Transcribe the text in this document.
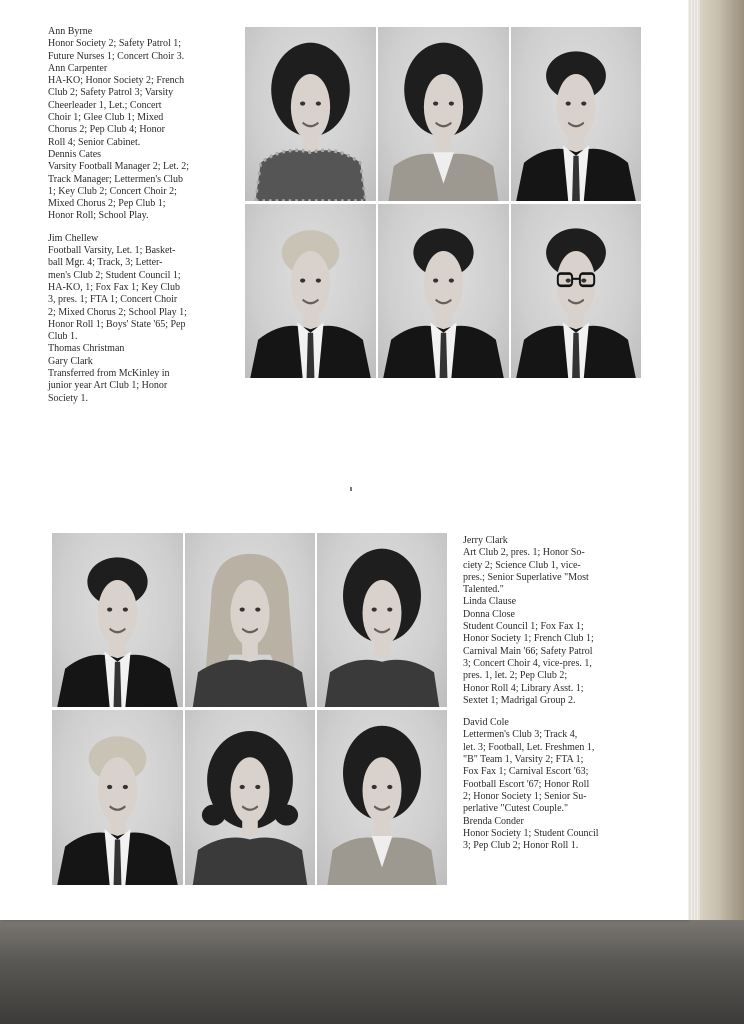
Ann Byrne
Honor Society 2; Safety Patrol 1;
Future Nurses 1; Concert Choir 3.
Ann Carpenter
HA-KO; Honor Society 2; French
Club 2; Safety Patrol 3; Varsity
Cheerleader 1, Let.; Concert
Choir 1; Glee Club 1; Mixed
Chorus 2; Pep Club 4; Honor
Roll 4; Senior Cabinet.
Dennis Cates
Varsity Football Manager 2; Let. 2;
Track Manager; Lettermen's Club
1; Key Club 2; Concert Choir 2;
Mixed Chorus 2; Pep Club 1;
Honor Roll; School Play.
Jim Chellew
Football Varsity, Let. 1; Basket-
ball Mgr. 4; Track, 3; Letter-
men's Club 2; Student Council 1;
HA-KO, 1; Fox Fax 1; Key Club
3, pres. 1; FTA 1; Concert Choir
2; Mixed Chorus 2; School Play 1;
Honor Roll 1; Boys' State '65; Pep
Club 1.
Thomas Christman
Gary Clark
Transferred from McKinley in
junior year Art Club 1; Honor
Society 1.
Jerry Clark
Art Club 2, pres. 1; Honor So-
ciety 2; Science Club 1, vice-
pres.; Senior Superlative "Most
Talented."
Linda Clause
Donna Close
Student Council 1; Fox Fax 1;
Honor Society 1; French Club 1;
Carnival Main '66; Safety Patrol
3; Concert Choir 4, vice-pres. 1,
pres. 1, let. 2; Pep Club 2;
Honor Roll 4; Library Asst. 1;
Sextet 1; Madrigal Group 2.
David Cole
Lettermen's Club 3; Track 4,
let. 3; Football, Let. Freshmen 1,
"B" Team 1, Varsity 2; FTA 1;
Fox Fax 1; Carnival Escort '63;
Football Escort '67; Honor Roll
2; Honor Society 1; Senior Su-
perlative "Cutest Couple."
Brenda Conder
Honor Society 1; Student Council
3; Pep Club 2; Honor Roll 1.
